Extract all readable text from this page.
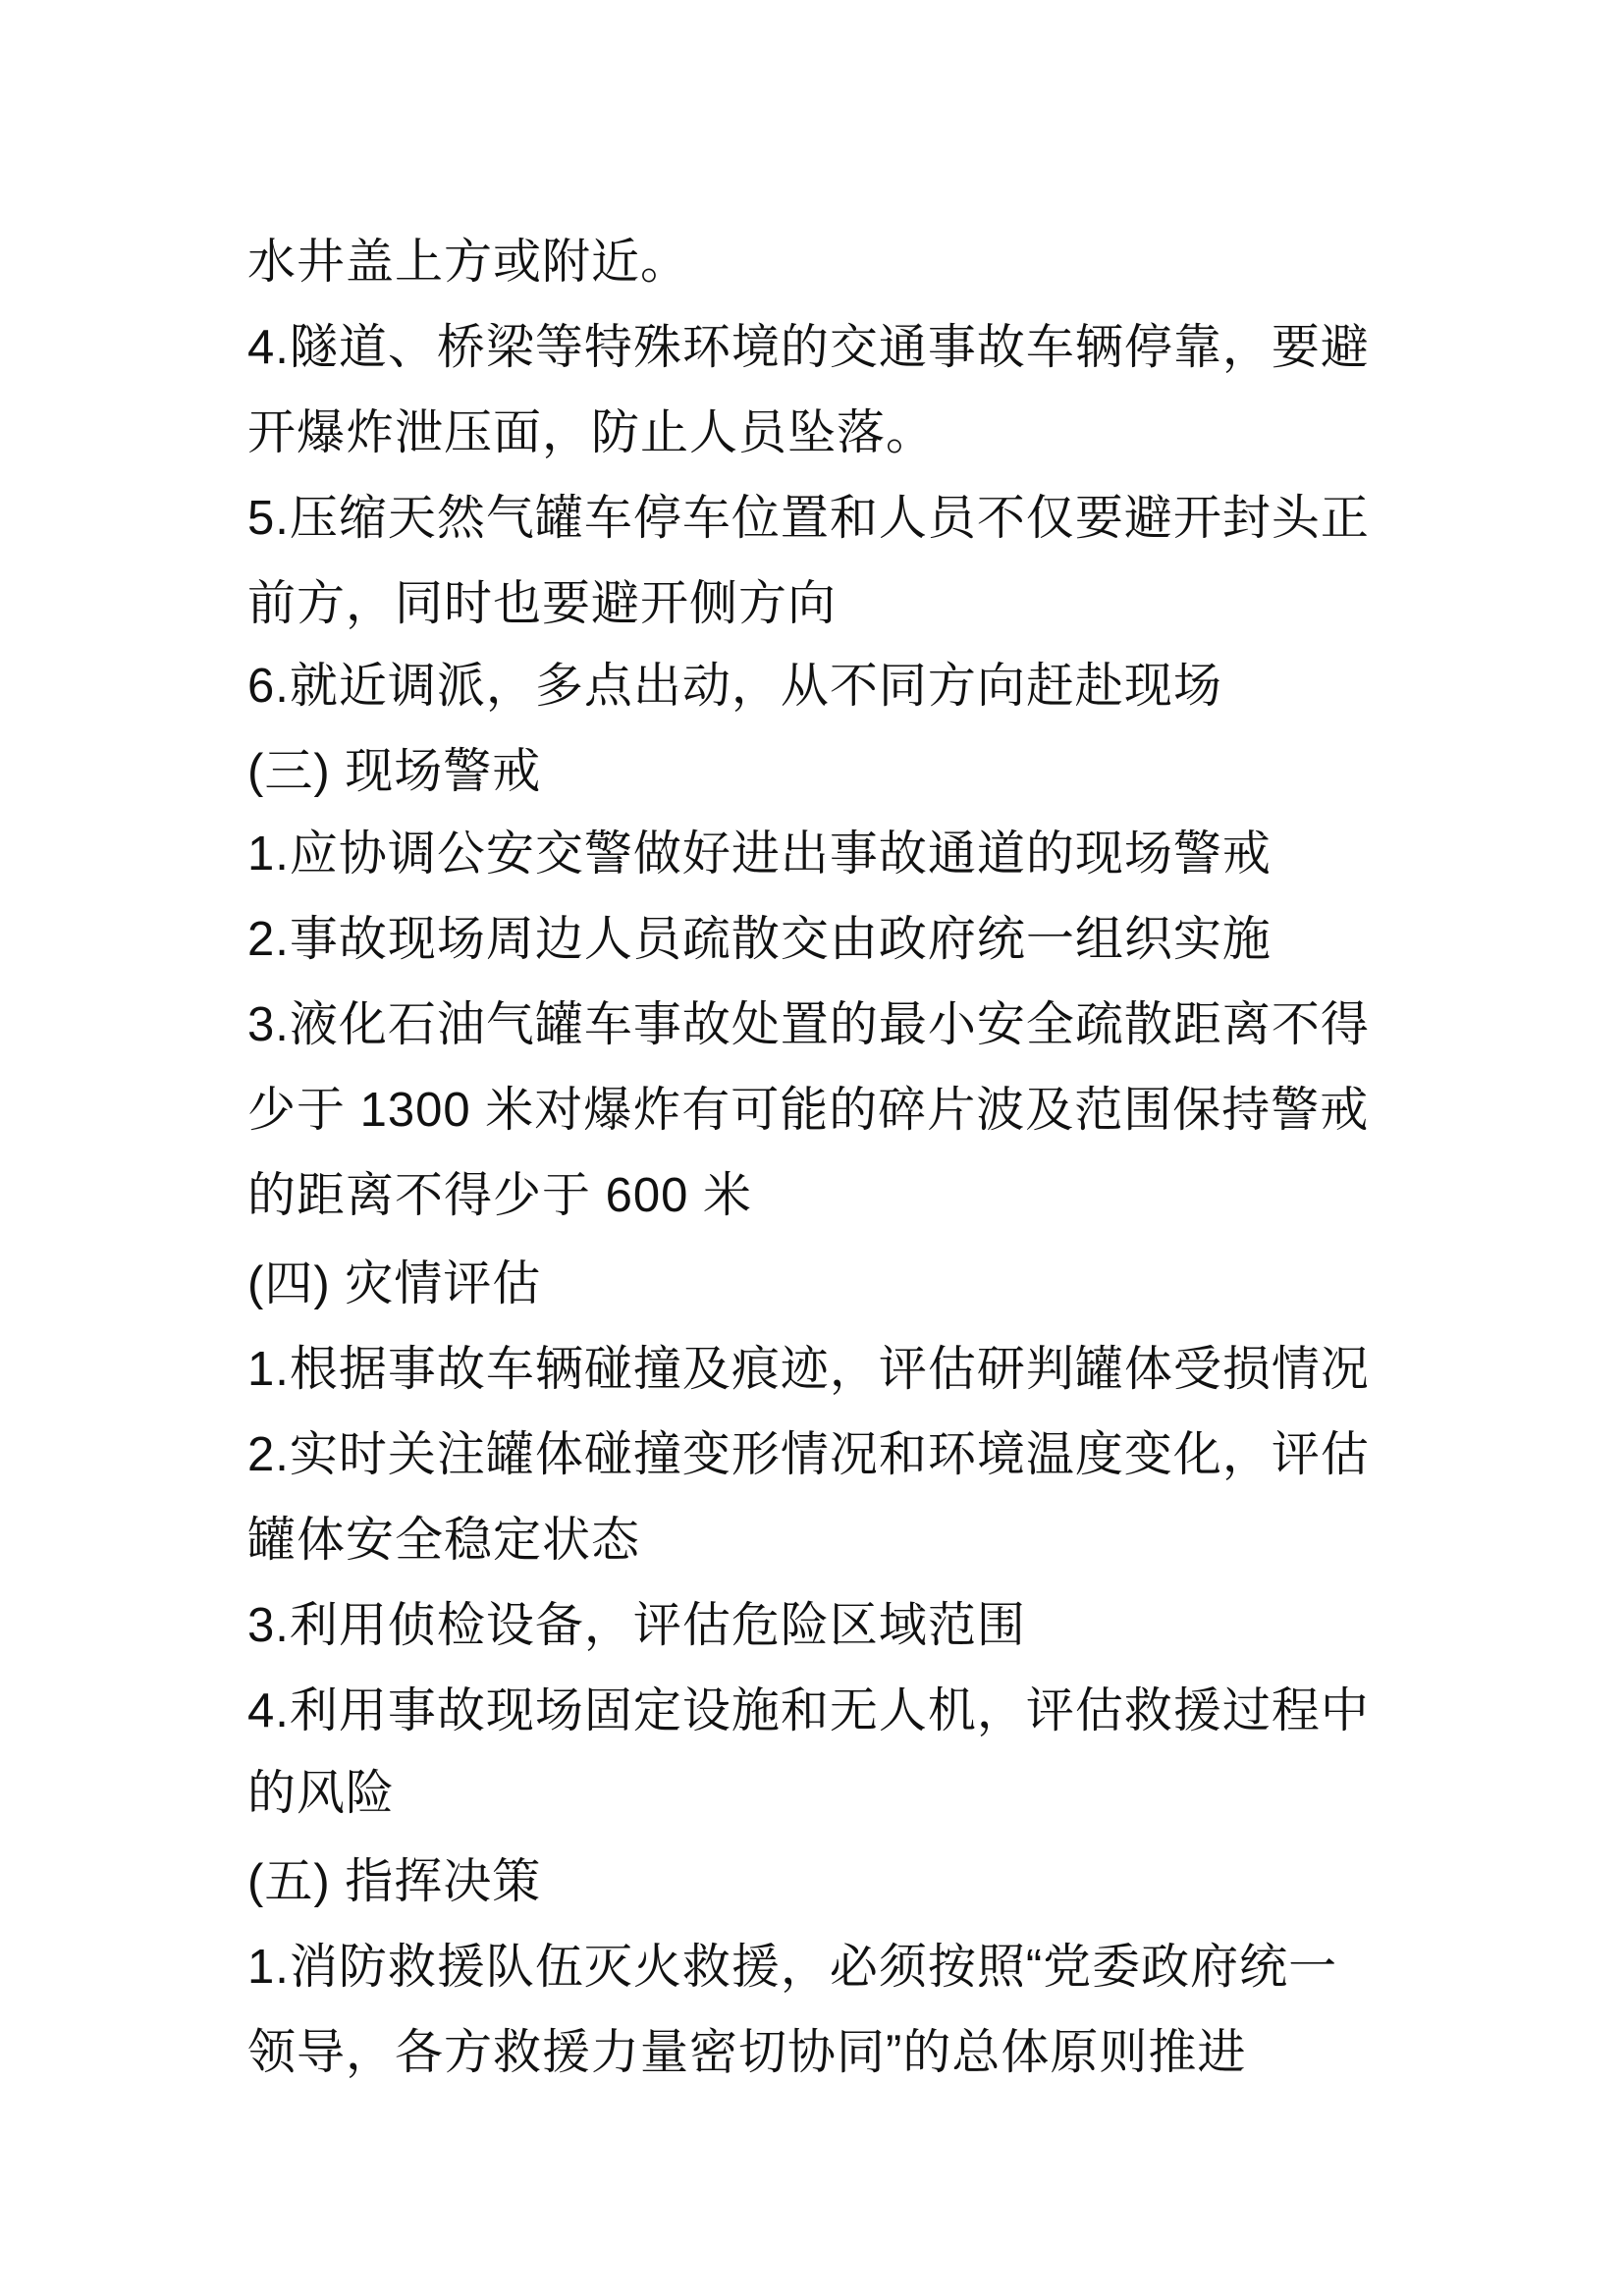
水井盖上方或附近。
4.隧道、桥梁等特殊环境的交通事故车辆停靠，要避
开爆炸泄压面，防止人员坠落。
5.压缩天然气罐车停车位置和人员不仅要避开封头正
前方，同时也要避开侧方向
6.就近调派，多点出动，从不同方向赶赴现场
(三) 现场警戒
1.应协调公安交警做好进出事故通道的现场警戒
2.事故现场周边人员疏散交由政府统一组织实施
3.液化石油气罐车事故处置的最小安全疏散距离不得
少于 1300 米对爆炸有可能的碎片波及范围保持警戒
的距离不得少于 600 米
(四) 灾情评估
1.根据事故车辆碰撞及痕迹，评估研判罐体受损情况
2.实时关注罐体碰撞变形情况和环境温度变化，评估
罐体安全稳定状态
3.利用侦检设备，评估危险区域范围
4.利用事故现场固定设施和无人机，评估救援过程中
的风险
(五) 指挥决策
1.消防救援队伍灭火救援，必须按照“党委政府统一
领导，各方救援力量密切协同”的总体原则推进
